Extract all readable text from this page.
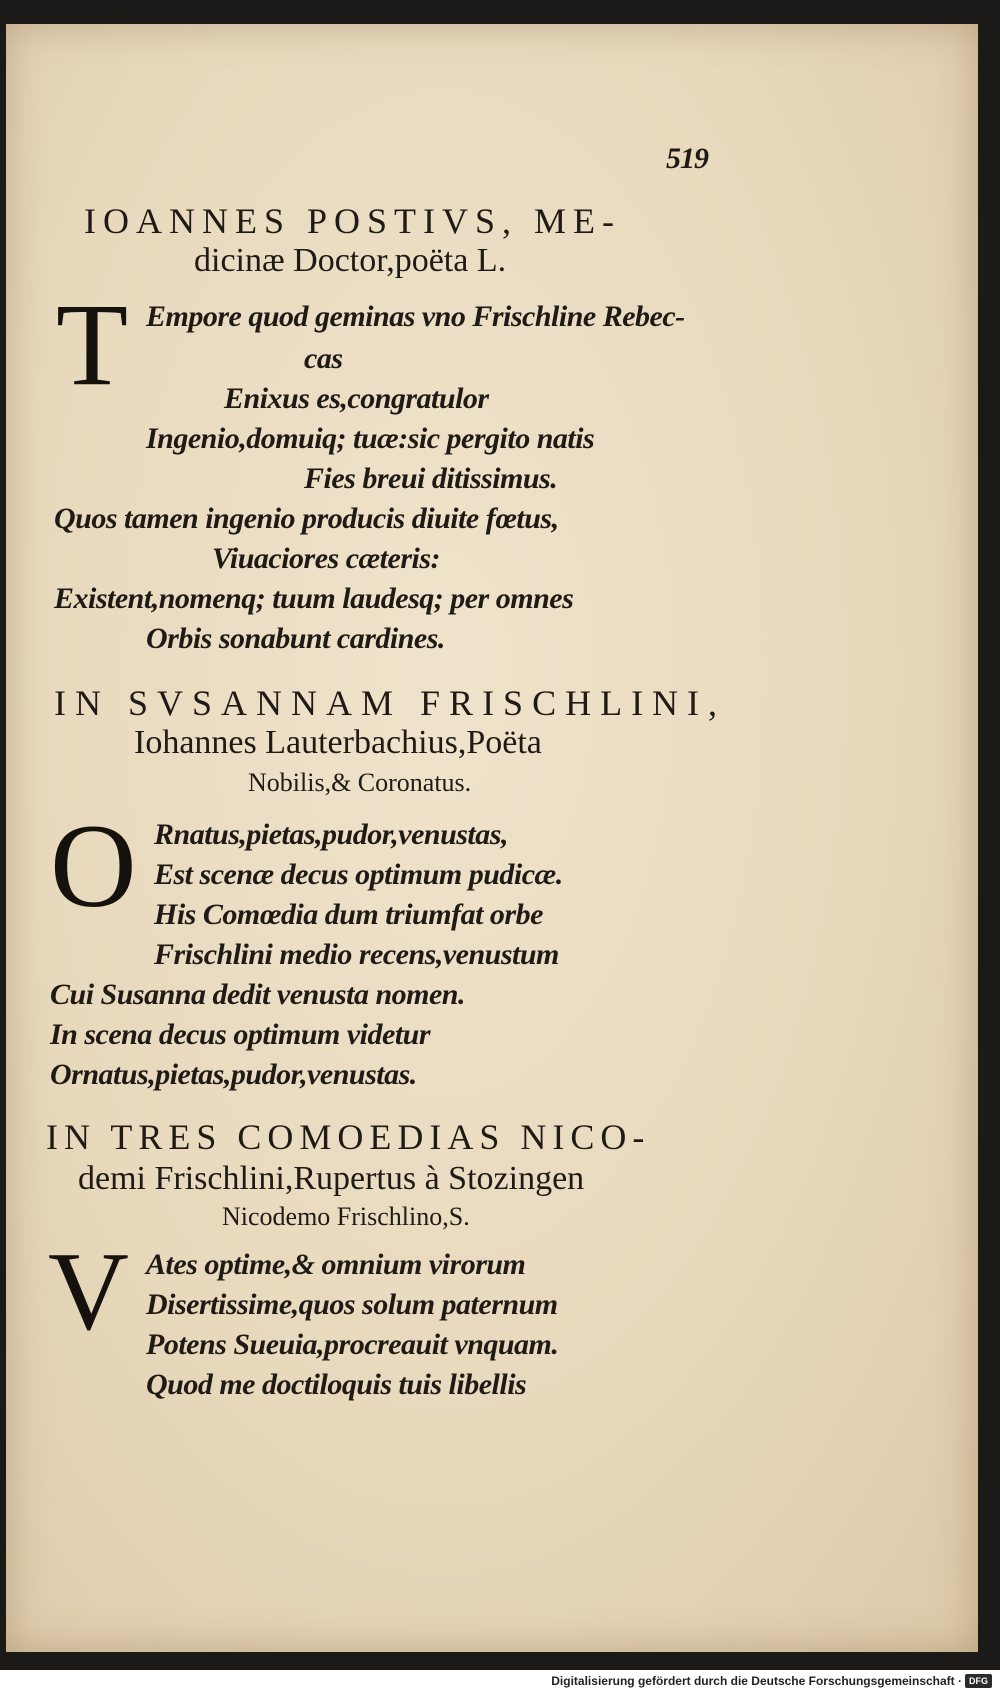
519
IOANNES POSTIVS, ME-
dicinæ Doctor,poëta L.
T Empore quod geminas vno Frischline Rebec-
cas
Enixus es,congratulor
Ingenio,domuiq; tuæ:sic pergito natis
Fies breui ditissimus.
Quos tamen ingenio producis diuite fœtus,
Viuaciores cæteris:
Existent,nomenq; tuum laudesq; per omnes
Orbis sonabunt cardines.
IN SVSANNAM FRISCHLINI,
Iohannes Lauterbachius,Poëta
Nobilis,& Coronatus.
O Rnatus,pietas,pudor,venustas,
Est scenæ decus optimum pudicæ.
His Comœdia dum triumfat orbe
Frischlini medio recens,venustum
Cui Susanna dedit venusta nomen.
In scena decus optimum videtur
Ornatus,pietas,pudor,venustas.
IN TRES COMOEDIAS NICO-
demi Frischlini,Rupertus à Stozingen
Nicodemo Frischlino,S.
V Ates optime,& omnium virorum
Disertissime,quos solum paternum
Potens Sueuia,procreauit vnquam.
Quod me doctiloquis tuis libellis
Digitalisierung gefördert durch die Deutsche Forschungsgemeinschaft · DFG
